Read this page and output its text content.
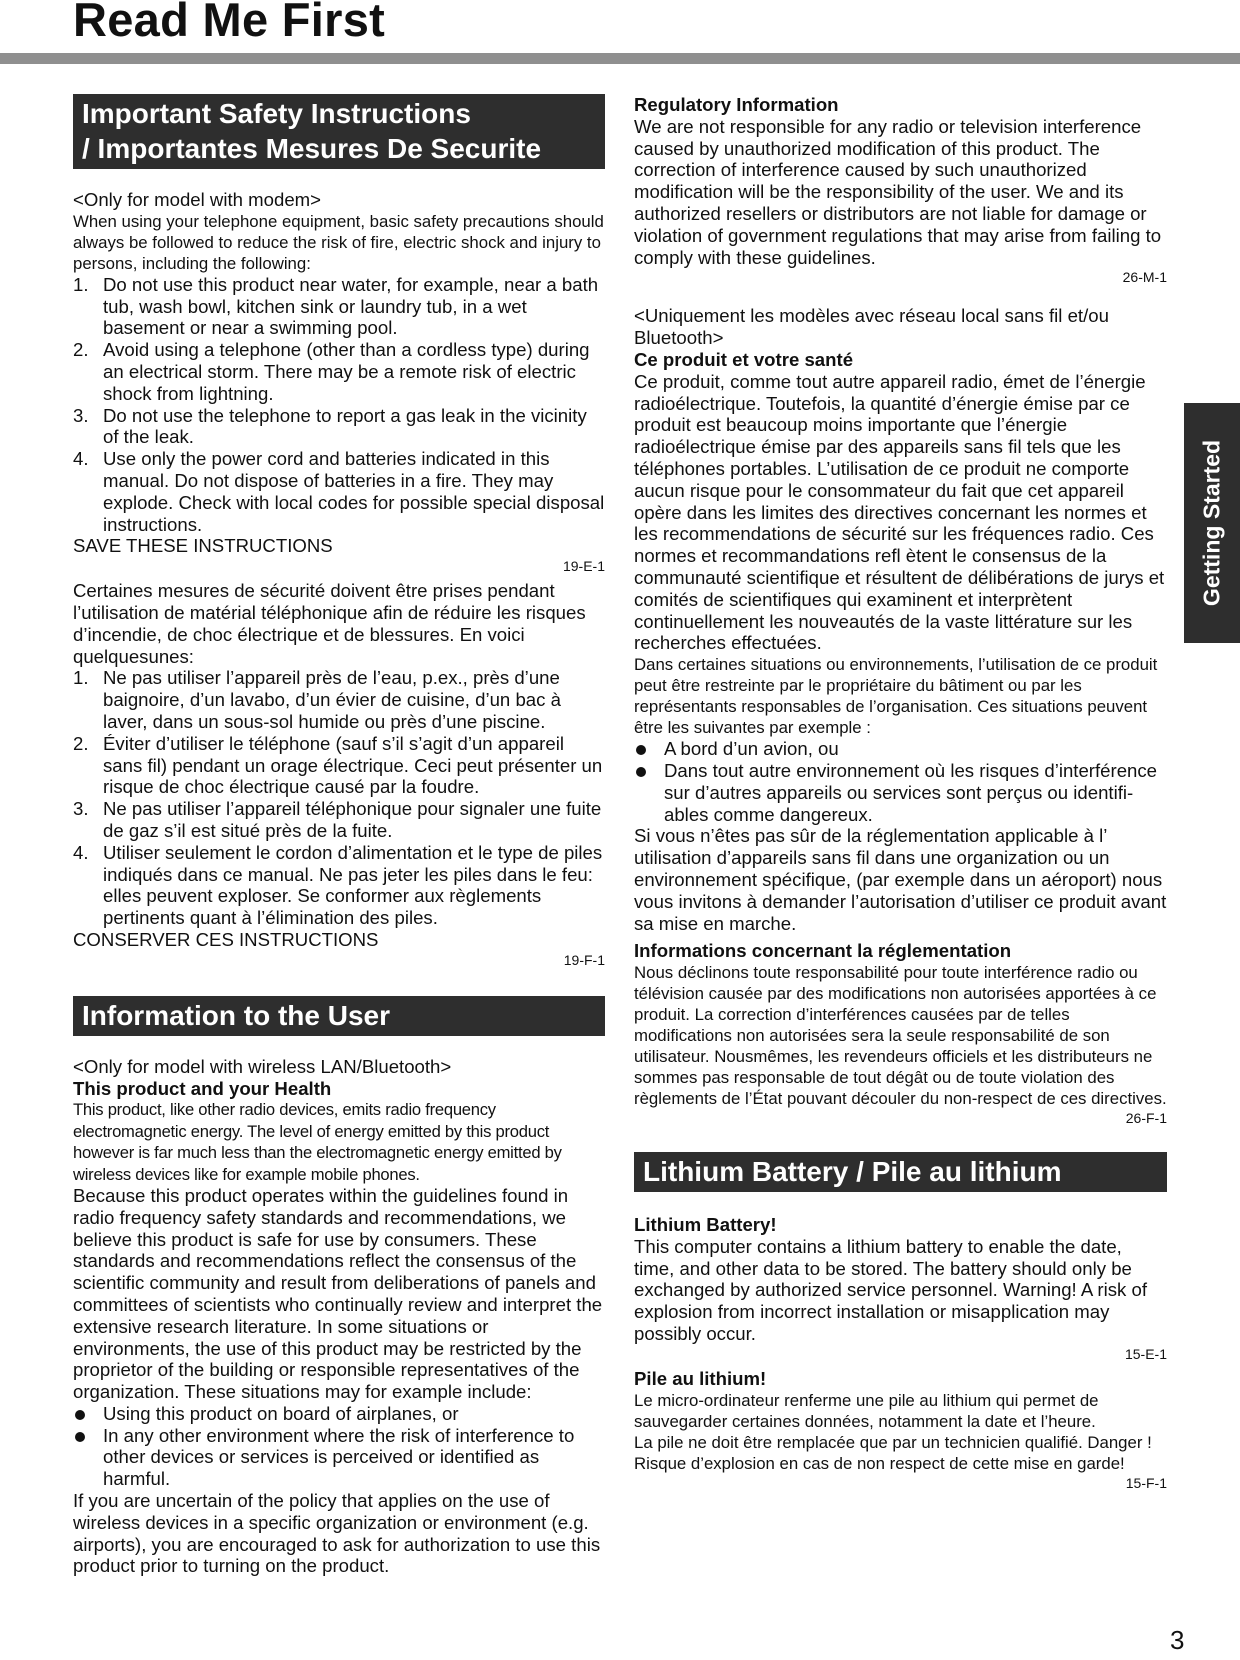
Read Me First
Important Safety Instructions
/ Importantes Mesures De Securite
<Only for model with modem>
When using your telephone equipment, basic safety precautions should always be followed to reduce the risk of fire, electric shock and injury to persons, including the following:
1. Do not use this product near water, for example, near a bath tub, wash bowl, kitchen sink or laundry tub, in a wet basement or near a swimming pool.
2. Avoid using a telephone (other than a cordless type) during an electrical storm. There may be a remote risk of electric shock from lightning.
3. Do not use the telephone to report a gas leak in the vicinity of the leak.
4. Use only the power cord and batteries indicated in this manual. Do not dispose of batteries in a fire. They may explode. Check with local codes for possible special disposal instructions.
SAVE THESE INSTRUCTIONS
19-E-1
Certaines mesures de sécurité doivent être prises pendant l’utilisation de matérial téléphonique afin de réduire les risques d’incendie, de choc électrique et de blessures. En voici quelquesunes:
1. Ne pas utiliser l’appareil près de l’eau, p.ex., près d’une baignoire, d’un lavabo, d’un évier de cuisine, d’un bac à laver, dans un sous-sol humide ou près d’une piscine.
2. Éviter d’utiliser le téléphone (sauf s’il s’agit d’un appareil sans fil) pendant un orage électrique. Ceci peut présenter un risque de choc électrique causé par la foudre.
3. Ne pas utiliser l’appareil téléphonique pour signaler une fuite de gaz s’il est situé près de la fuite.
4. Utiliser seulement le cordon d’alimentation et le type de piles indiqués dans ce manual. Ne pas jeter les piles dans le feu: elles peuvent exploser. Se conformer aux règlements pertinents quant à l’élimination des piles.
CONSERVER CES INSTRUCTIONS
19-F-1
Information to the User
<Only for model with wireless LAN/Bluetooth>
This product and your Health
This product, like other radio devices, emits radio frequency electromagnetic energy. The level of energy emitted by this product however is far much less than the electromagnetic energy emitted by wireless devices like for example mobile phones.
Because this product operates within the guidelines found in radio frequency safety standards and recommendations, we believe this product is safe for use by consumers. These standards and recommendations reflect the consensus of the scientific community and result from deliberations of panels and committees of scientists who continually review and interpret the extensive research literature. In some situations or environments, the use of this product may be restricted by the proprietor of the building or responsible representatives of the organization. These situations may for example include:
Using this product on board of airplanes, or
In any other environment where the risk of interference to other devices or services is perceived or identified as harmful.
If you are uncertain of the policy that applies on the use of wireless devices in a specific organization or environment (e.g. airports), you are encouraged to ask for authorization to use this product prior to turning on the product.
Regulatory Information
We are not responsible for any radio or television interference caused by unauthorized modification of this product. The correction of interference caused by such unauthorized modification will be the responsibility of the user. We and its authorized resellers or distributors are not liable for damage or violation of government regulations that may arise from failing to comply with these guidelines.
26-M-1
<Uniquement les modèles avec réseau local sans fil et/ou Bluetooth>
Ce produit et votre santé
Ce produit, comme tout autre appareil radio, émet de l’énergie radioélectrique. Toutefois, la quantité d’énergie émise par ce produit est beaucoup moins importante que l’énergie radioélectrique émise par des appareils sans fil tels que les téléphones portables. L’utilisation de ce produit ne comporte aucun risque pour le consommateur du fait que cet appareil opère dans les limites des directives concernant les normes et les recommendations de sécurité sur les fréquences radio. Ces normes et recommandations refl ètent le consensus de la communauté scientifique et résultent de délibérations de jurys et comités de scientifiques qui examinent et interprètent continuellement les nouveautés de la vaste littérature sur les recherches effectuées.
Dans certaines situations ou environnements, l’utilisation de ce produit peut être restreinte par le propriétaire du bâtiment ou par les représentants responsables de l’organisation. Ces situations peuvent être les suivantes par exemple :
A bord d’un avion, ou
Dans tout autre environnement où les risques d’interférence sur d’autres appareils ou services sont perçus ou identifi- ables comme dangereux.
Si vous n’êtes pas sûr de la réglementation applicable à l’ utilisation d’appareils sans fil dans une organization ou un environnement spécifique, (par exemple dans un aéroport) nous vous invitons à demander l’autorisation d’utiliser ce produit avant sa mise en marche.
Informations concernant la réglementation
Nous déclinons toute responsabilité pour toute interférence radio ou télévision causée par des modifications non autorisées apportées à ce produit. La correction d’interférences causées par de telles modifications non autorisées sera la seule responsabilité de son utilisateur. Nousmêmes, les revendeurs officiels et les distributeurs ne sommes pas responsable de tout dégât ou de toute violation des règlements de l’État pouvant découler du non-respect de ces directives.
26-F-1
Lithium Battery / Pile au lithium
Lithium Battery!
This computer contains a lithium battery to enable the date, time, and other data to be stored. The battery should only be exchanged by authorized service personnel. Warning! A risk of explosion from incorrect installation or misapplication may possibly occur.
15-E-1
Pile au lithium!
Le micro-ordinateur renferme une pile au lithium qui permet de sauvegarder certaines données, notamment la date et l’heure.
La pile ne doit être remplacée que par un technicien qualifié. Danger ! Risque d’explosion en cas de non respect de cette mise en garde!
15-F-1
Getting Started
3
